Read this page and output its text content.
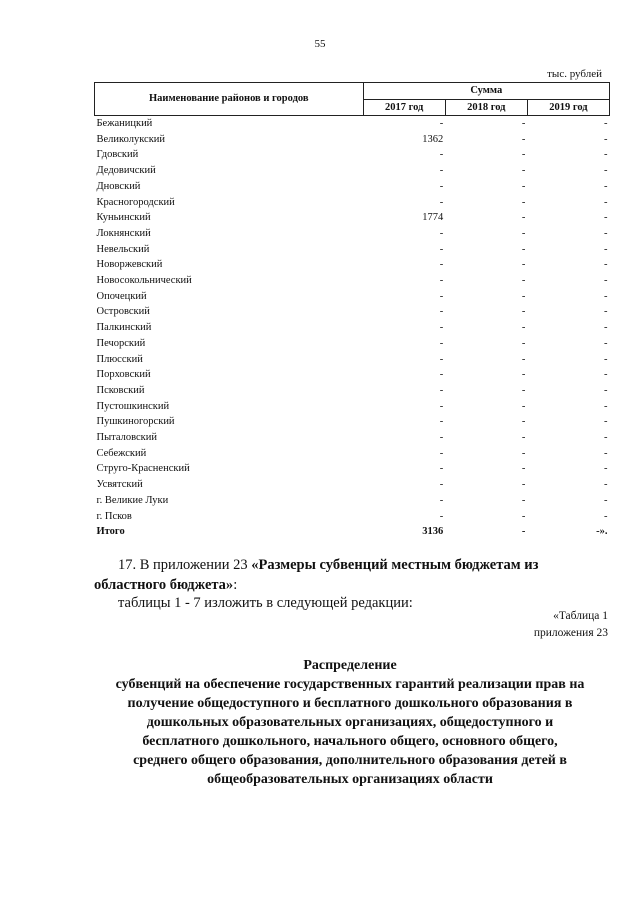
55
тыс. рублей
Наименование районов и городов	Сумма		
	2017 год	2018 год	2019 год
Бежаницкий	-	-	-
Великолукский	1362	-	-
Гдовский	-	-	-
Дедовичский	-	-	-
Дновский	-	-	-
Красногородский	-	-	-
Куньинский	1774	-	-
Локнянский	-	-	-
Невельский	-	-	-
Новоржевский	-	-	-
Новосокольнический	-	-	-
Опочецкий	-	-	-
Островский	-	-	-
Палкинский	-	-	-
Печорский	-	-	-
Плюсский	-	-	-
Порховский	-	-	-
Псковский	-	-	-
Пустошкинский	-	-	-
Пушкиногорский	-	-	-
Пыталовский	-	-	-
Себежский	-	-	-
Струго-Красненский	-	-	-
Усвятский	-	-	-
г. Великие Луки	-	-	-
г. Псков	-	-	-
Итого	3136	-	-».
17. В приложении 23 «Размеры субвенций местным бюджетам из
областного бюджета»:
таблицы 1 - 7 изложить в следующей редакции:
«Таблица 1
приложения 23
Распределение
субвенций на обеспечение государственных гарантий реализации прав на
получение общедоступного и бесплатного дошкольного образования в
дошкольных образовательных организациях, общедоступного и
бесплатного дошкольного, начального общего, основного общего,
среднего общего образования, дополнительного образования детей в
общеобразовательных организациях области
